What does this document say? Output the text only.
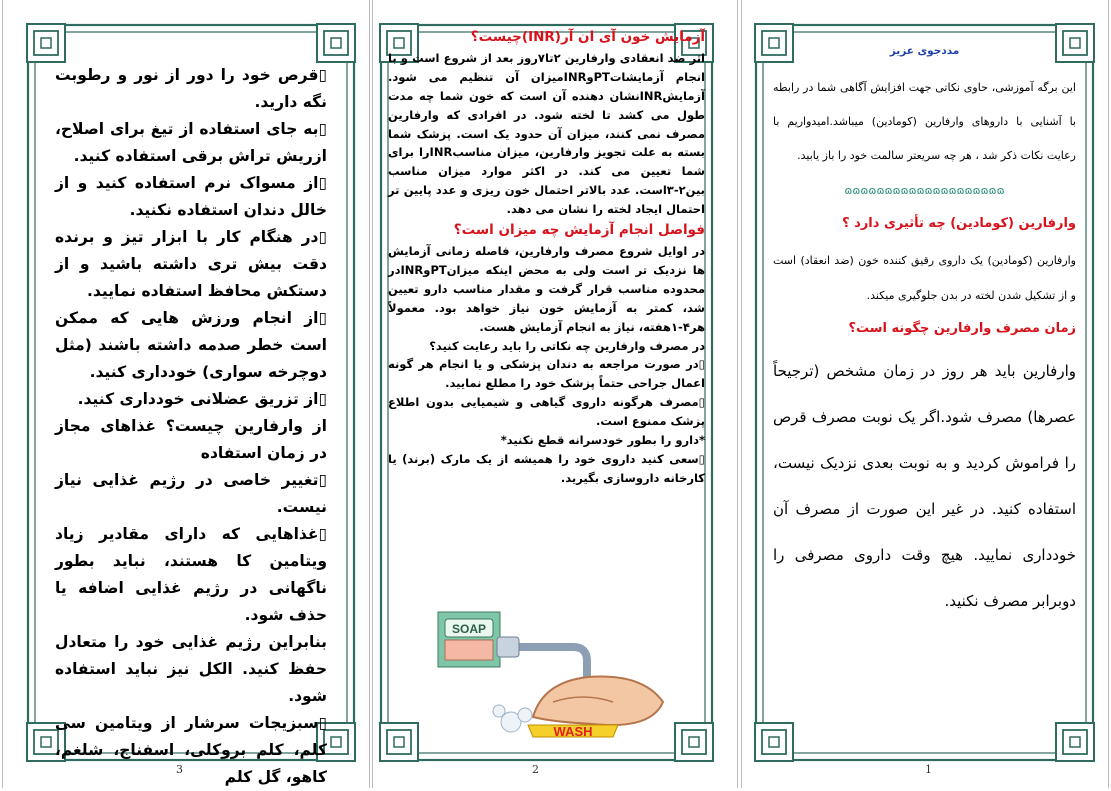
▯قرص خود را دور از نور و رطوبت نگه دارید.

▯به جای استفاده از تیغ برای اصلاح، ازریش تراش برقی استفاده کنید.

▯از مسواک نرم استفاده کنید و از خالل دندان استفاده نکنید.

▯در هنگام کار با ابزار تیز و برنده دقت بیش تری داشته باشید و از دستکش محافظ استفاده نمایید.

▯از انجام ورزش هایی که ممکن است خطر صدمه داشته باشند (مثل دوچرخه سواری) خودداری کنید.

▯از تزریق عضلانی خودداری کنید.

از وارفارین چیست؟ غذاهای مجاز در زمان استفاده

▯تغییر خاصی در رژیم غذایی نیاز نیست.

▯غذاهایی که دارای مقادیر زیاد ویتامین کا هستند، نباید بطور ناگهانی در رژیم غذایی اضافه یا حذف شود.

بنابراین رژیم غذایی خود را متعادل حفظ کنید. الکل نیز نباید استفاده شود.

▯سبزیجات سرشار از ویتامین سی کلم، کلم بروکلی، اسفناج، شلغم، کاهو، گل کلم

آزمایش خون آی ان آر(INR)چیست؟

اثر ضد انعقادی وارفارین ۲تا۷روز بعد از شروع است و با انجام آزمایشاتPTوINRمیزان آن تنظیم می شود. آزمایشINRنشان دهنده آن است که خون شما چه مدت طول می کشد تا لخته شود. در افرادی که وارفارین مصرف نمی کنند، میزان آن حدود یک است. پزشک شما بسته به علت تجویز وارفارین، میزان مناسبINRرا برای شما تعیین می کند. در اکثر موارد میزان مناسب بین۲-۳است. عدد بالاتر احتمال خون ریزی و عدد پایین تر احتمال ایجاد لخته را نشان می دهد.

فواصل انجام آزمایش چه میزان است؟

در اوایل شروع مصرف وارفارین، فاصله زمانی آزمایش ها نزدیک تر است ولی به محض اینکه میزانPTوINRدر محدوده مناسب قرار گرفت و مقدار مناسب دارو تعیین شد، کمتر به آزمایش خون نیاز خواهد بود. معمولاً هر۴-۱هفته، نیاز به انجام آزمایش هست.

در مصرف وارفارین چه نکاتی را باید رعایت کنید؟

▯در صورت مراجعه به دندان پزشکی و یا انجام هر گونه اعمال جراحی حتماً پزشک خود را مطلع نمایید.

▯مصرف هرگونه داروی گیاهی و شیمیایی بدون اطلاع پزشک ممنوع است.

*دارو را بطور خودسرانه قطع نکنید*

▯سعی کنید داروی خود را همیشه از یک مارک (برند) یا کارخانه داروسازی بگیرید.

SOAP
WASH
مددجوی عزیز
این برگه آموزشی، حاوی نکاتی جهت افزایش آگاهی شما در رابطه با آشنایی با داروهای وارفارین (کومادین) میباشد.امیدواریم با رعایت نکات ذکر شد ، هر چه سریعتر سالمت خود را باز یابید.
ɷɷɷɷɷɷɷɷɷɷɷɷɷɷɷɷɷɷɷɷ
وارفارین (کومادین) چه تأثیری دارد ؟
وارفارین (کومادین) یک داروی رقیق کننده خون (ضد انعقاد) است و از تشکیل شدن لخته در بدن جلوگیری میکند.
زمان مصرف وارفارین چگونه است؟
وارفارین باید هر روز در زمان مشخص (ترجیحاً عصرها) مصرف شود.اگر یک نوبت مصرف قرص را فراموش کردید و به نوبت بعدی نزدیک نیست، استفاده کنید. در غیر این صورت از مصرف آن خودداری نمایید. هیچ وقت داروی مصرفی را دوبرابر مصرف نکنید.
3	2	1
